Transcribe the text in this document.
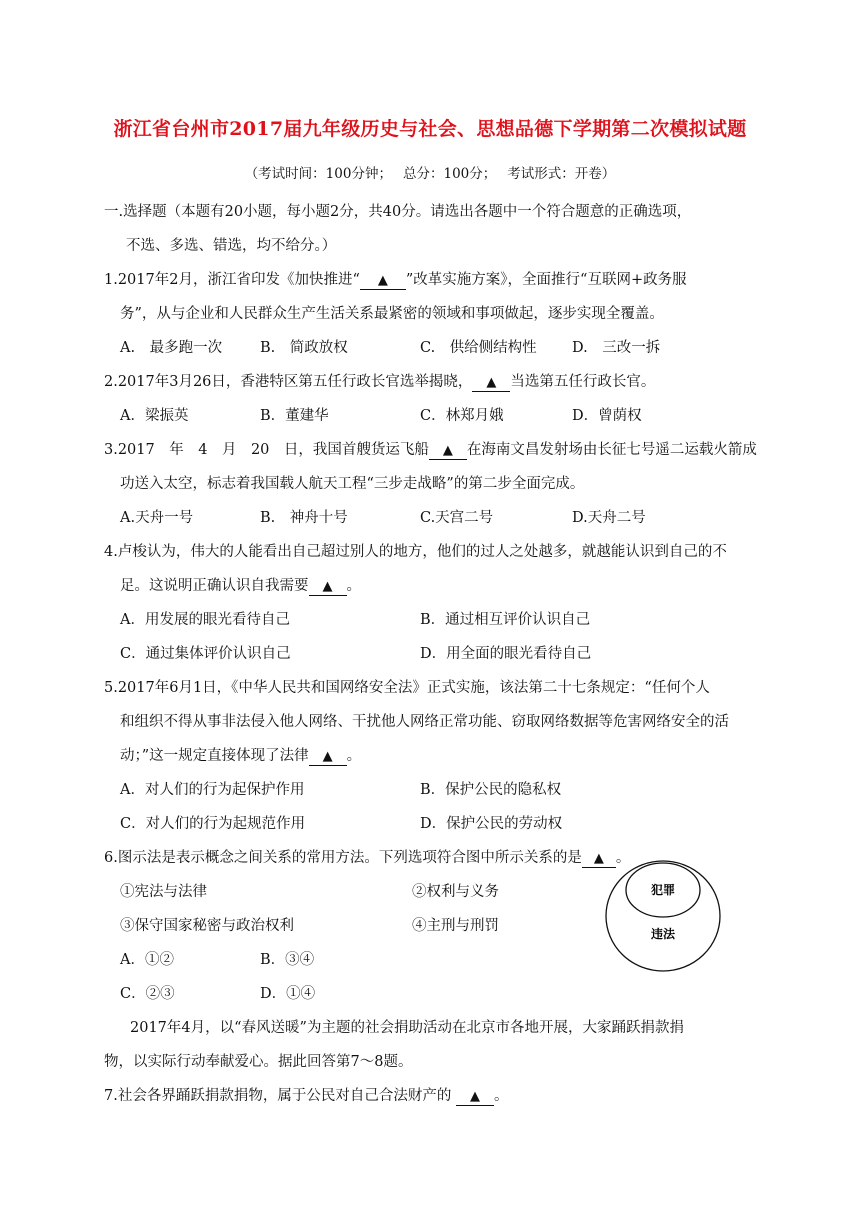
浙江省台州市2017届九年级历史与社会、思想品德下学期第二次模拟试题
（考试时间：100分钟；　 总分：100分；　 考试形式：开卷）
一.选择题（本题有20小题，每小题2分，共40分。请选出各题中一个符合题意的正确选项，
不选、多选、错选，均不给分。）
1.2017年2月，浙江省印发《加快推进“ ▲ ”改革实施方案》，全面推行“互联网+政务服
务”，从与企业和人民群众生产生活关系最紧密的领域和事项做起，逐步实现全覆盖。
A.　最多跑一次	B.　简政放权	C.　供给侧结构性 D.　三改一拆
2.2017年3月26日，香港特区第五任行政长官选举揭晓， ▲ 当选第五任行政长官。
A．梁振英	B．董建华	C．林郑月娥	D．曾荫权
3.2017　年　4　月　20　日，我国首艘货运飞船 ▲ 在海南文昌发射场由长征七号遥二运载火箭成
功送入太空，标志着我国载人航天工程“三步走战略”的第二步全面完成。
A.天舟一号	B.　神舟十号	C.天宫二号	D.天舟二号
4.卢梭认为，伟大的人能看出自己超过别人的地方，他们的过人之处越多，就越能认识到自己的不
足。这说明正确认识自我需要 ▲ 。
A．用发展的眼光看待自己	B．通过相互评价认识自己
C．通过集体评价认识自己	D．用全面的眼光看待自己
5.2017年6月1日，《中华人民共和国网络安全法》正式实施，该法第二十七条规定：“任何个人
和组织不得从事非法侵入他人网络、干扰他人网络正常功能、窃取网络数据等危害网络安全的活
动；”这一规定直接体现了法律 ▲ 。
A．对人们的行为起保护作用	B．保护公民的隐私权
C．对人们的行为起规范作用	D．保护公民的劳动权
6.图示法是表示概念之间关系的常用方法。下列选项符合图中所示关系的是 ▲ 。
①宪法与法律	②权利与义务
③保守国家秘密与政治权利	④主刑与刑罚
A．①②	B．③④
C．②③	D．①④
犯罪
违法
2017年4月，以“春风送暖”为主题的社会捐助活动在北京市各地开展，大家踊跃捐款捐
物，以实际行动奉献爱心。据此回答第7～8题。
7.社会各界踊跃捐款捐物，属于公民对自己合法财产的 ▲ 。
